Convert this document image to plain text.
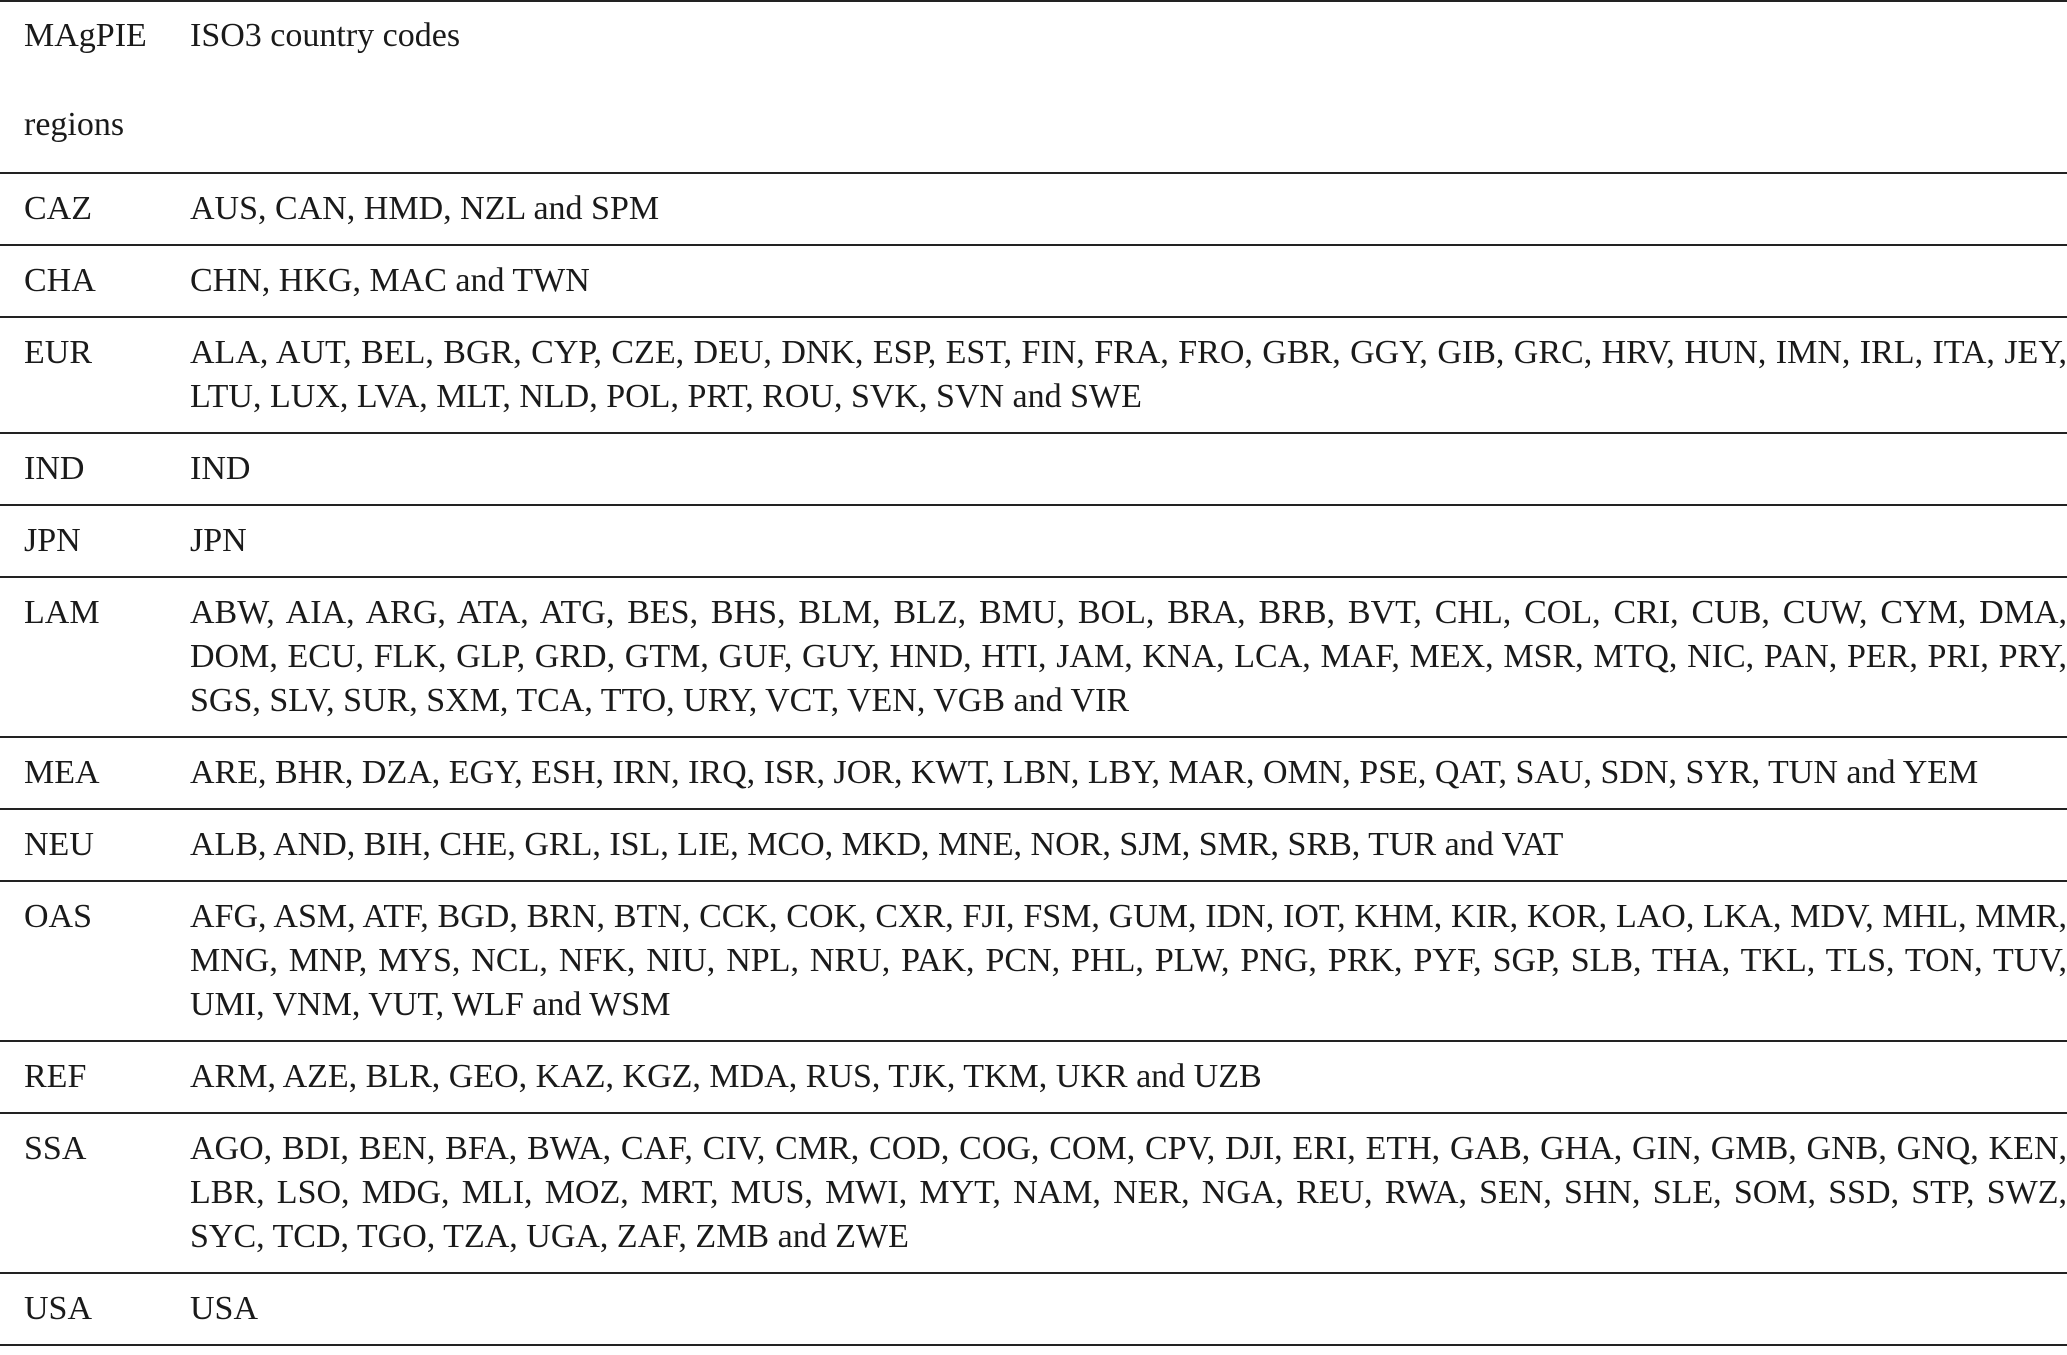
MAgPIE
regions	ISO3 country codes
CAZ	AUS, CAN, HMD, NZL and SPM
CHA	CHN, HKG, MAC and TWN
EUR	ALA, AUT, BEL, BGR, CYP, CZE, DEU, DNK, ESP, EST, FIN, FRA, FRO, GBR, GGY, GIB, GRC, HRV, HUN, IMN, IRL, ITA, JEY, LTU, LUX, LVA, MLT, NLD, POL, PRT, ROU, SVK, SVN and SWE
IND	IND
JPN	JPN
LAM	ABW, AIA, ARG, ATA, ATG, BES, BHS, BLM, BLZ, BMU, BOL, BRA, BRB, BVT, CHL, COL, CRI, CUB, CUW, CYM, DMA, DOM, ECU, FLK, GLP, GRD, GTM, GUF, GUY, HND, HTI, JAM, KNA, LCA, MAF, MEX, MSR, MTQ, NIC, PAN, PER, PRI, PRY, SGS, SLV, SUR, SXM, TCA, TTO, URY, VCT, VEN, VGB and VIR
MEA	ARE, BHR, DZA, EGY, ESH, IRN, IRQ, ISR, JOR, KWT, LBN, LBY, MAR, OMN, PSE, QAT, SAU, SDN, SYR, TUN and YEM
NEU	ALB, AND, BIH, CHE, GRL, ISL, LIE, MCO, MKD, MNE, NOR, SJM, SMR, SRB, TUR and VAT
OAS	AFG, ASM, ATF, BGD, BRN, BTN, CCK, COK, CXR, FJI, FSM, GUM, IDN, IOT, KHM, KIR, KOR, LAO, LKA, MDV, MHL, MMR, MNG, MNP, MYS, NCL, NFK, NIU, NPL, NRU, PAK, PCN, PHL, PLW, PNG, PRK, PYF, SGP, SLB, THA, TKL, TLS, TON, TUV, UMI, VNM, VUT, WLF and WSM
REF	ARM, AZE, BLR, GEO, KAZ, KGZ, MDA, RUS, TJK, TKM, UKR and UZB
SSA	AGO, BDI, BEN, BFA, BWA, CAF, CIV, CMR, COD, COG, COM, CPV, DJI, ERI, ETH, GAB, GHA, GIN, GMB, GNB, GNQ, KEN, LBR, LSO, MDG, MLI, MOZ, MRT, MUS, MWI, MYT, NAM, NER, NGA, REU, RWA, SEN, SHN, SLE, SOM, SSD, STP, SWZ, SYC, TCD, TGO, TZA, UGA, ZAF, ZMB and ZWE
USA	USA
